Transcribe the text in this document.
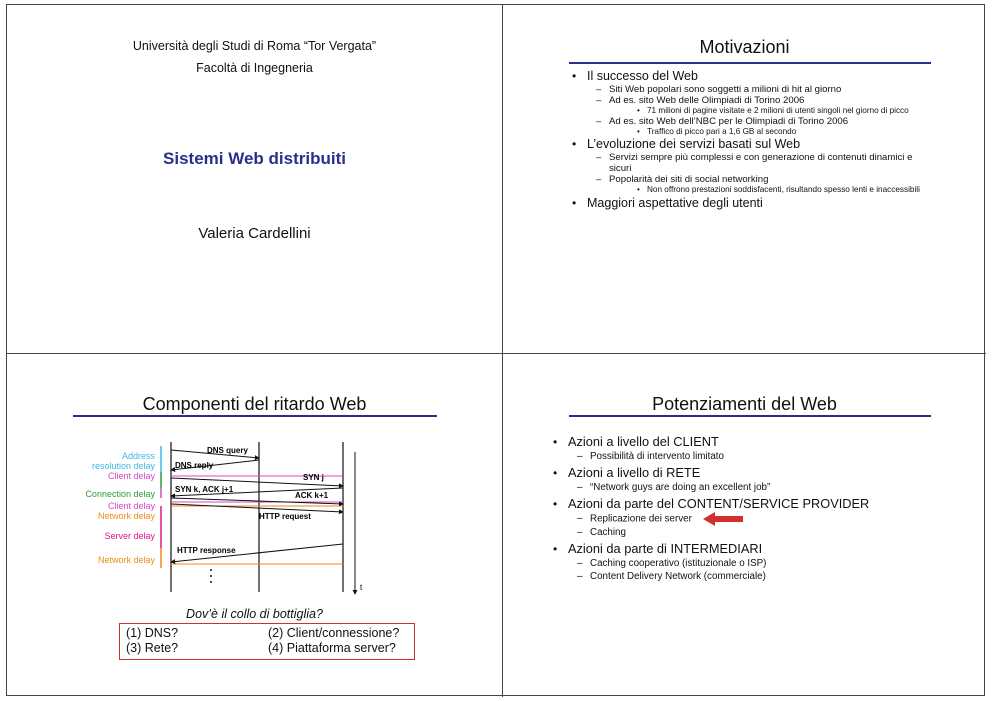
Università degli Studi di Roma “Tor Vergata”
Facoltà di Ingegneria
Sistemi Web distribuiti
Valeria Cardellini
Motivazioni
• Il successo del Web
– Siti Web popolari sono soggetti a milioni di hit al giorno
– Ad es. sito Web delle Olimpiadi di Torino 2006
• 71 milioni di pagine visitate e 2 milioni di utenti singoli nel giorno di picco
– Ad es. sito Web dell’NBC per le Olimpiadi di Torino 2006
• Traffico di picco pari a 1,6 GB al secondo
• L’evoluzione dei servizi basati sul Web
– Servizi sempre più complessi e con generazione di contenuti dinamici e sicuri
– Popolarità dei siti di social networking
• Non offrono prestazioni soddisfacenti, risultando spesso lenti e inaccessibili
• Maggiori aspettative degli utenti
Componenti del ritardo Web
Address
resolution delay
Client delay
Connection delay
Client delay
Network delay
Server delay
Network delay
DNS query
DNS reply
SYN j
SYN k, ACK j+1
ACK k+1
HTTP request
HTTP response
t
Dov’è il collo di bottiglia?
(1) DNS?	(2) Client/connessione?
(3) Rete?	(4) Piattaforma server?
Potenziamenti del Web
• Azioni a livello del CLIENT
– Possibilità di intervento limitato
• Azioni a livello di RETE
– “Network guys are doing an excellent job”
• Azioni da parte del CONTENT/SERVICE PROVIDER
– Replicazione dei server
– Caching
• Azioni da parte di INTERMEDIARI
– Caching cooperativo (istituzionale o ISP)
– Content Delivery Network (commerciale)
